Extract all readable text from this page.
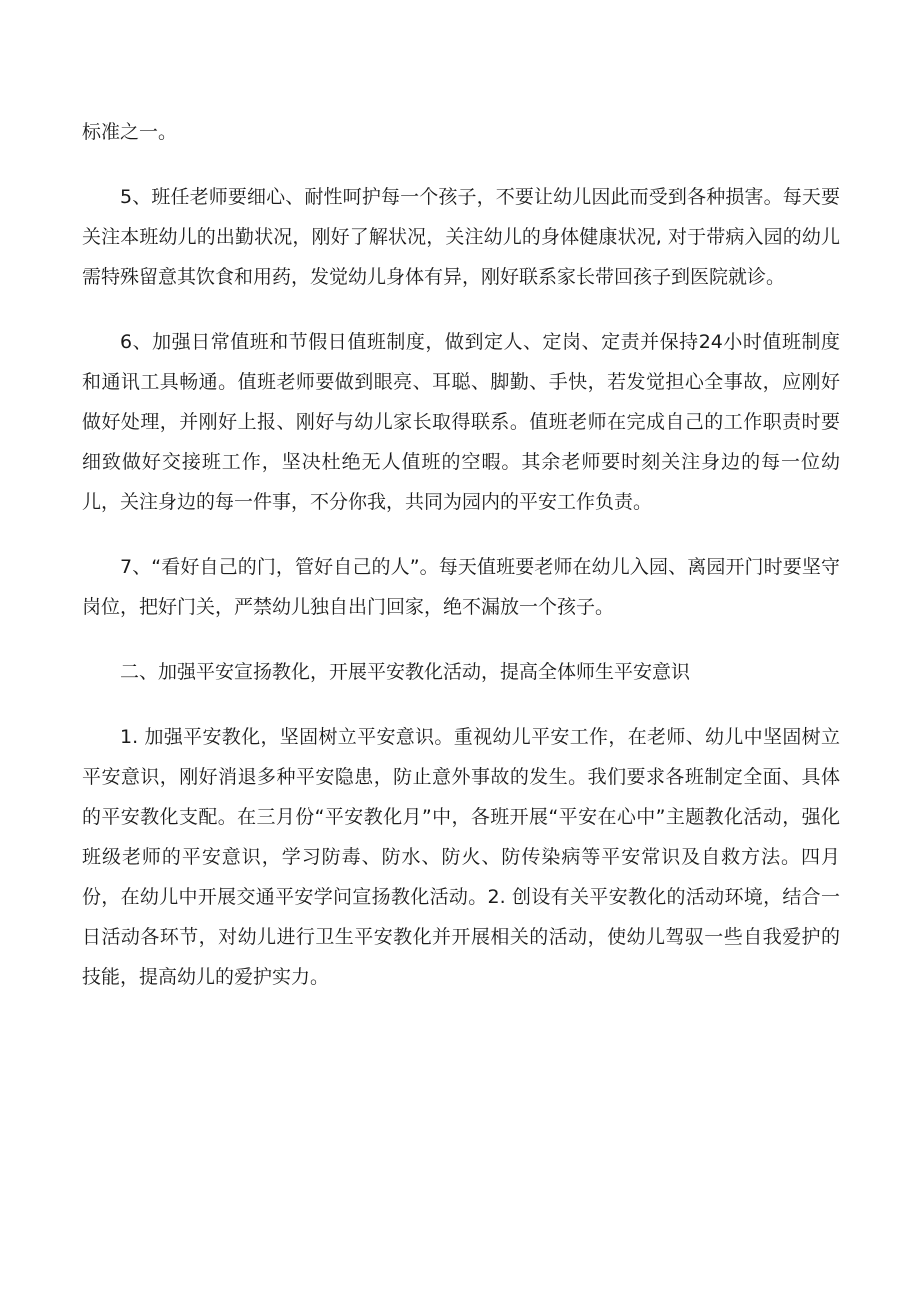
标准之一。

5、班任老师要细心、耐性呵护每一个孩子，不要让幼儿因此而受到各种损害。每天要关注本班幼儿的出勤状况，刚好了解状况，关注幼儿的身体健康状况, 对于带病入园的幼儿需特殊留意其饮食和用药，发觉幼儿身体有异，刚好联系家长带回孩子到医院就诊。

6、加强日常值班和节假日值班制度，做到定人、定岗、定责并保持24小时值班制度和通讯工具畅通。值班老师要做到眼亮、耳聪、脚勤、手快，若发觉担心全事故，应刚好做好处理，并刚好上报、刚好与幼儿家长取得联系。值班老师在完成自己的工作职责时要细致做好交接班工作，坚决杜绝无人值班的空暇。其余老师要时刻关注身边的每一位幼儿，关注身边的每一件事，不分你我，共同为园内的平安工作负责。

7、“看好自己的门，管好自己的人”。每天值班要老师在幼儿入园、离园开门时要坚守岗位，把好门关，严禁幼儿独自出门回家，绝不漏放一个孩子。

二、加强平安宣扬教化，开展平安教化活动，提高全体师生平安意识

1. 加强平安教化，坚固树立平安意识。重视幼儿平安工作，在老师、幼儿中坚固树立平安意识，刚好消退多种平安隐患，防止意外事故的发生。我们要求各班制定全面、具体的平安教化支配。在三月份“平安教化月”中，各班开展“平安在心中”主题教化活动，强化班级老师的平安意识，学习防毒、防水、防火、防传染病等平安常识及自救方法。四月份，在幼儿中开展交通平安学问宣扬教化活动。2. 创设有关平安教化的活动环境，结合一日活动各环节，对幼儿进行卫生平安教化并开展相关的活动，使幼儿驾驭一些自我爱护的技能，提高幼儿的爱护实力。
